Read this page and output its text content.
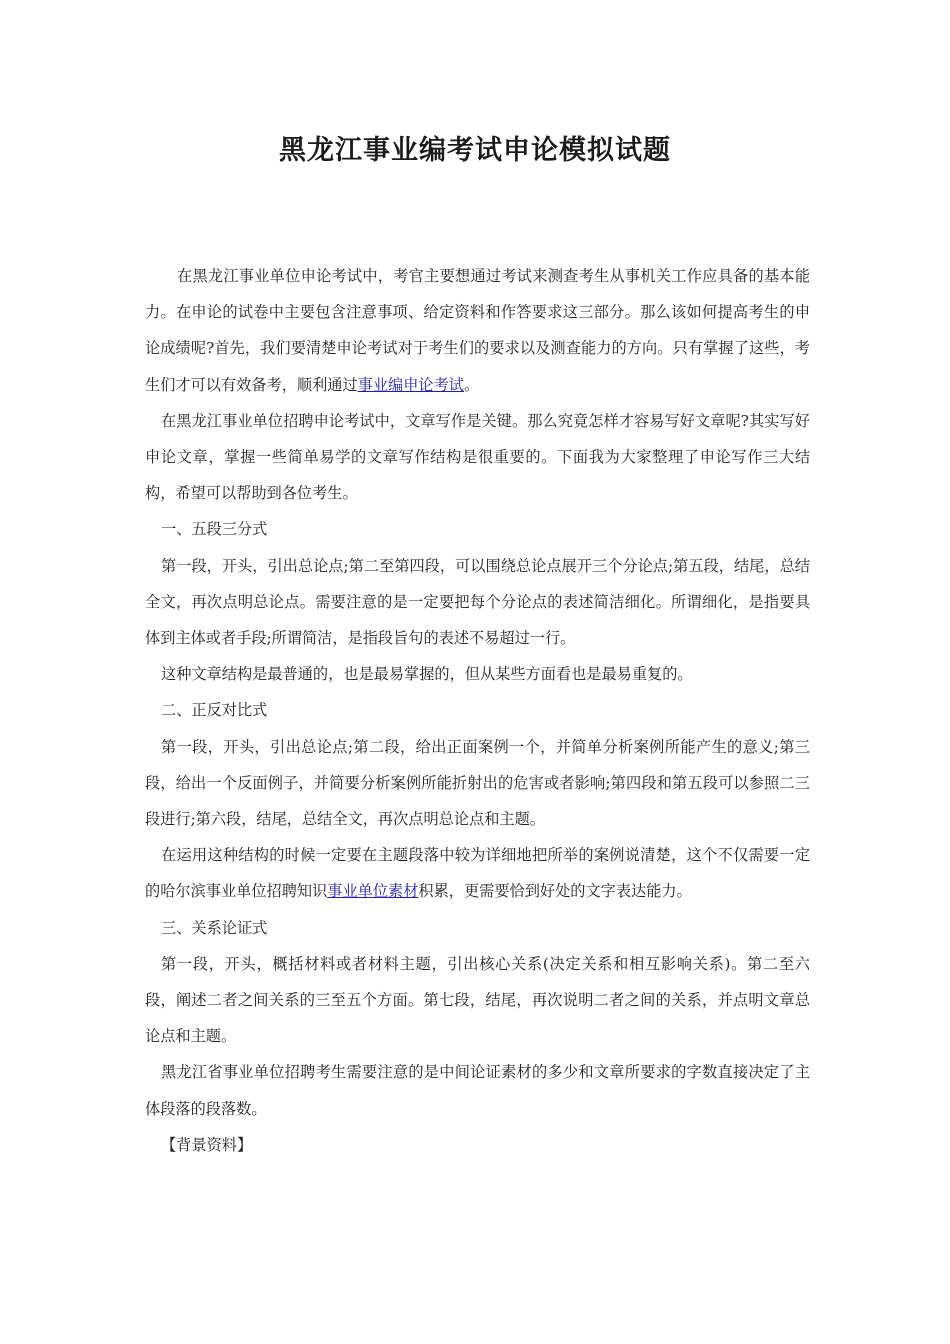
黑龙江事业编考试申论模拟试题

在黑龙江事业单位申论考试中，考官主要想通过考试来测查考生从事机关工作应具备的基本能力。在申论的试卷中主要包含注意事项、给定资料和作答要求这三部分。那么该如何提高考生的申论成绩呢?首先，我们要清楚申论考试对于考生们的要求以及测查能力的方向。只有掌握了这些，考生们才可以有效备考，顺利通过事业编申论考试。

在黑龙江事业单位招聘申论考试中，文章写作是关键。那么究竟怎样才容易写好文章呢?其实写好申论文章，掌握一些简单易学的文章写作结构是很重要的。下面我为大家整理了申论写作三大结构，希望可以帮助到各位考生。

一、五段三分式

第一段，开头，引出总论点;第二至第四段，可以围绕总论点展开三个分论点;第五段，结尾，总结全文，再次点明总论点。需要注意的是一定要把每个分论点的表述简洁细化。所谓细化，是指要具体到主体或者手段;所谓简洁，是指段旨句的表述不易超过一行。

这种文章结构是最普通的，也是最易掌握的，但从某些方面看也是最易重复的。

二、正反对比式

第一段，开头，引出总论点;第二段，给出正面案例一个，并简单分析案例所能产生的意义;第三段，给出一个反面例子，并简要分析案例所能折射出的危害或者影响;第四段和第五段可以参照二三段进行;第六段，结尾，总结全文，再次点明总论点和主题。

在运用这种结构的时候一定要在主题段落中较为详细地把所举的案例说清楚，这个不仅需要一定的哈尔滨事业单位招聘知识事业单位素材积累，更需要恰到好处的文字表达能力。

三、关系论证式

第一段，开头，概括材料或者材料主题，引出核心关系(决定关系和相互影响关系)。第二至六段，阐述二者之间关系的三至五个方面。第七段，结尾，再次说明二者之间的关系，并点明文章总论点和主题。

黑龙江省事业单位招聘考生需要注意的是中间论证素材的多少和文章所要求的字数直接决定了主体段落的段落数。

【背景资料】
